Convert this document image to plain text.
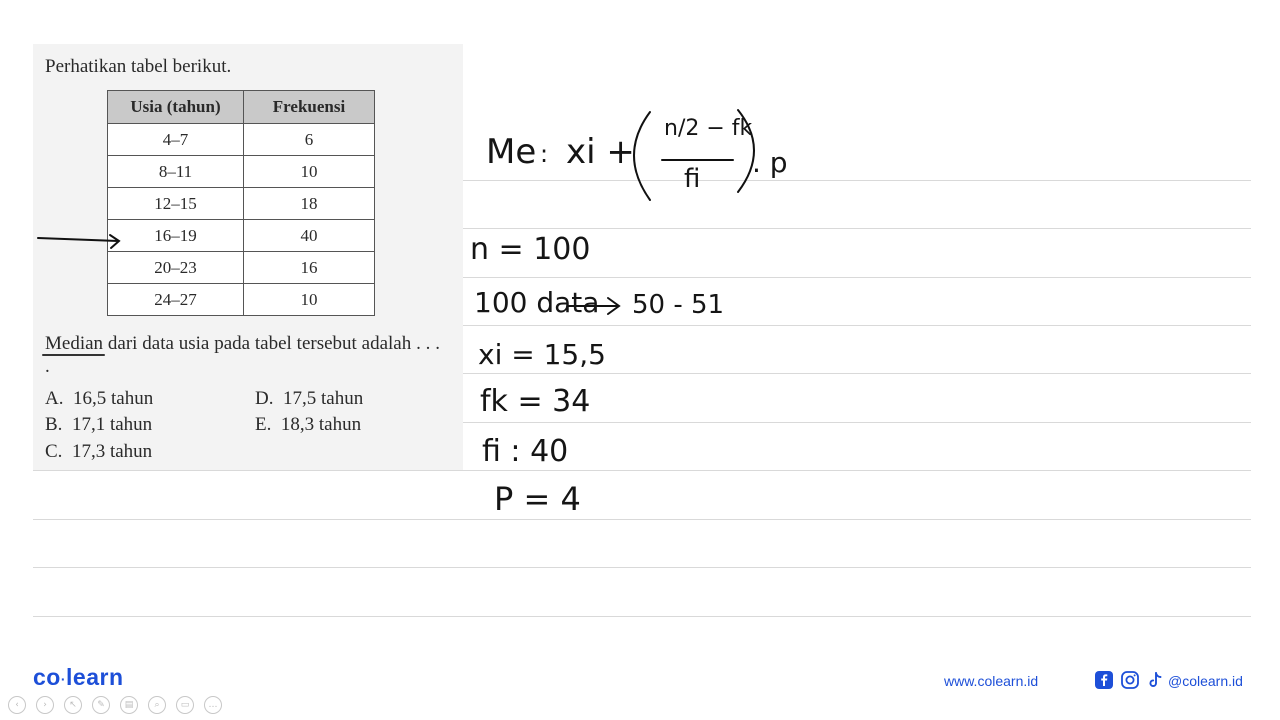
Perhatikan tabel berikut.
Usia (tahun)	Frekuensi
4–7	6
8–11	10
12–15	18
16–19	40
20–23	16
24–27	10
Median dari data usia pada tabel tersebut adalah . . . .
A. 16,5 tahun
B. 17,1 tahun
C. 17,3 tahun
D. 17,5 tahun
E. 18,3 tahun
Me : xi +
n/2 − fk
fi . p
n = 100
100 data 50 - 51
xi = 15,5
fk = 34
fi : 40
P = 4
co·learn
‹	›	↖	✎	▤	⌕	▭	…
www.colearn.id	@colearn.id
